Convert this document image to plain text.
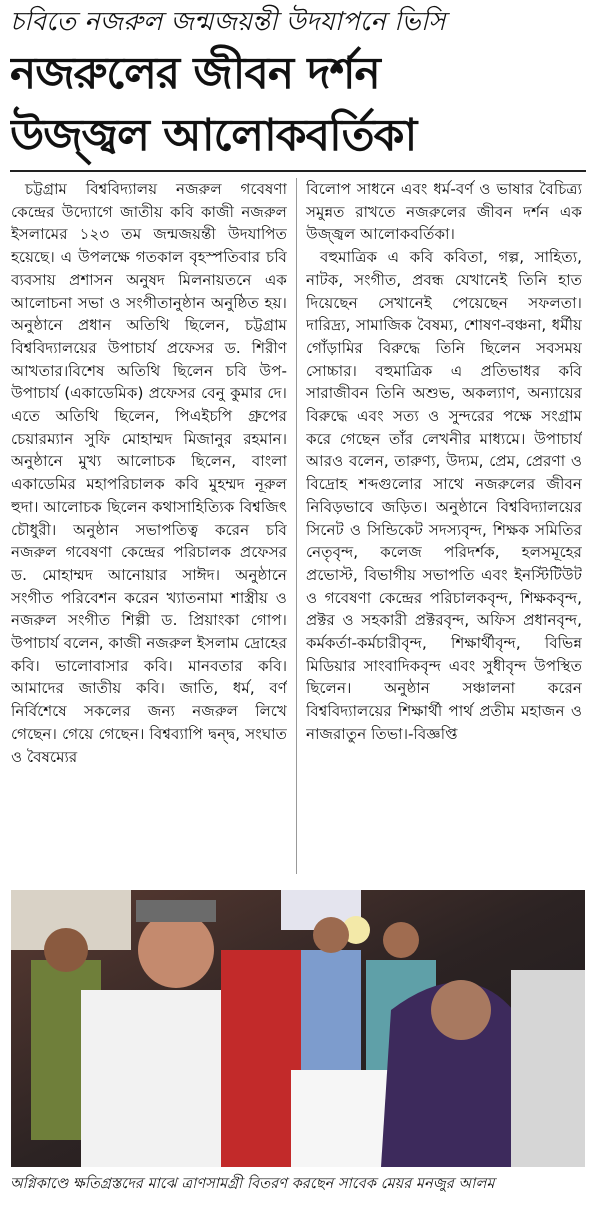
চবিতে নজরুল জন্মজয়ন্তী উদযাপনে ভিসি
নজরুলের জীবন দর্শন
উজ্জ্বল আলোকবর্তিকা

চট্টগ্রাম বিশ্ববিদ্যালয় নজরুল গবেষণা কেন্দ্রের উদ্যোগে জাতীয় কবি কাজী নজরুল ইসলামের ১২৩ তম জন্মজয়ন্তী উদযাপিত হয়েছে। এ উপলক্ষে গতকাল বৃহস্পতিবার চবি ব্যবসায় প্রশাসন অনুষদ মিলনায়তনে এক আলোচনা সভা ও সংগীতানুষ্ঠান অনুষ্ঠিত হয়। অনুষ্ঠানে প্রধান অতিথি ছিলেন, চট্টগ্রাম বিশ্ববিদ্যালয়ের উপাচার্য প্রফেসর ড. শিরীণ আখতার।বিশেষ অতিথি ছিলেন চবি উপ-উপাচার্য (একাডেমিক) প্রফেসর বেনু কুমার দে। এতে অতিথি ছিলেন, পিএইচপি গ্রুপের চেয়ারম্যান সুফি মোহাম্মদ মিজানুর রহমান। অনুষ্ঠানে মুখ্য আলোচক ছিলেন, বাংলা একাডেমির মহাপরিচালক কবি মুহম্মদ নূরুল হুদা। আলোচক ছিলেন কথাসাহিত্যিক বিশ্বজিৎ চৌধুরী। অনুষ্ঠান সভাপতিত্ব করেন চবি নজরুল গবেষণা কেন্দ্রের পরিচালক প্রফেসর ড. মোহাম্মদ আনোয়ার সাঈদ। অনুষ্ঠানে সংগীত পরিবেশন করেন খ্যাতনামা শাস্ত্রীয় ও নজরুল সংগীত শিল্পী ড. প্রিয়াংকা গোপ। উপাচার্য বলেন, কাজী নজরুল ইসলাম দ্রোহের কবি। ভালোবাসার কবি। মানবতার কবি। আমাদের জাতীয় কবি। জাতি, ধর্ম, বর্ণ নির্বিশেষে সকলের জন্য নজরুল লিখে গেছেন। গেয়ে গেছেন। বিশ্বব্যাপি দ্বন্দ্ব, সংঘাত ও বৈষম্যের

বিলোপ সাধনে এবং ধর্ম-বর্ণ ও ভাষার বৈচিত্র্য সমুন্নত রাখতে নজরুলের জীবন দর্শন এক উজ্জ্বল আলোকবর্তিকা।

বহুমাত্রিক এ কবি কবিতা, গল্প, সাহিত্য, নাটক, সংগীত, প্রবন্ধ যেখানেই তিনি হাত দিয়েছেন সেখানেই পেয়েছেন সফলতা। দারিদ্র্য, সামাজিক বৈষম্য, শোষণ-বঞ্চনা, ধর্মীয় গোঁড়ামির বিরুদ্ধে তিনি ছিলেন সবসময় সোচ্চার। বহুমাত্রিক এ প্রতিভাধর কবি সারাজীবন তিনি অশুভ, অকল্যাণ, অন্যায়ের বিরুদ্ধে এবং সত্য ও সুন্দরের পক্ষে সংগ্রাম করে গেছেন তাঁর লেখনীর মাধ্যমে। উপাচার্য আরও বলেন, তারুণ্য, উদ্যম, প্রেম, প্রেরণা ও বিদ্রোহ শব্দগুলোর সাথে নজরুলের জীবন নিবিড়ভাবে জড়িত। অনুষ্ঠানে বিশ্ববিদ্যালয়ের সিনেট ও সিন্ডিকেট সদস্যবৃন্দ, শিক্ষক সমিতির নেতৃবৃন্দ, কলেজ পরিদর্শক, হলসমূহের প্রভোস্ট, বিভাগীয় সভাপতি এবং ইনস্টিটিউট ও গবেষণা কেন্দ্রের পরিচালকবৃন্দ, শিক্ষকবৃন্দ, প্রক্টর ও সহকারী প্রক্টরবৃন্দ, অফিস প্রধানবৃন্দ, কর্মকর্তা-কর্মচারীবৃন্দ, শিক্ষার্থীবৃন্দ, বিভিন্ন মিডিয়ার সাংবাদিকবৃন্দ এবং সুধীবৃন্দ উপস্থিত ছিলেন। অনুষ্ঠান সঞ্চালনা করেন বিশ্ববিদ্যালয়ের শিক্ষার্থী পার্থ প্রতীম মহাজন ও নাজরাতুন তিভা।-বিজ্ঞপ্তি

অগ্নিকাণ্ডে ক্ষতিগ্রস্তদের মাঝে ত্রাণসামগ্রী বিতরণ করছেন সাবেক মেয়র মনজুর আলম
